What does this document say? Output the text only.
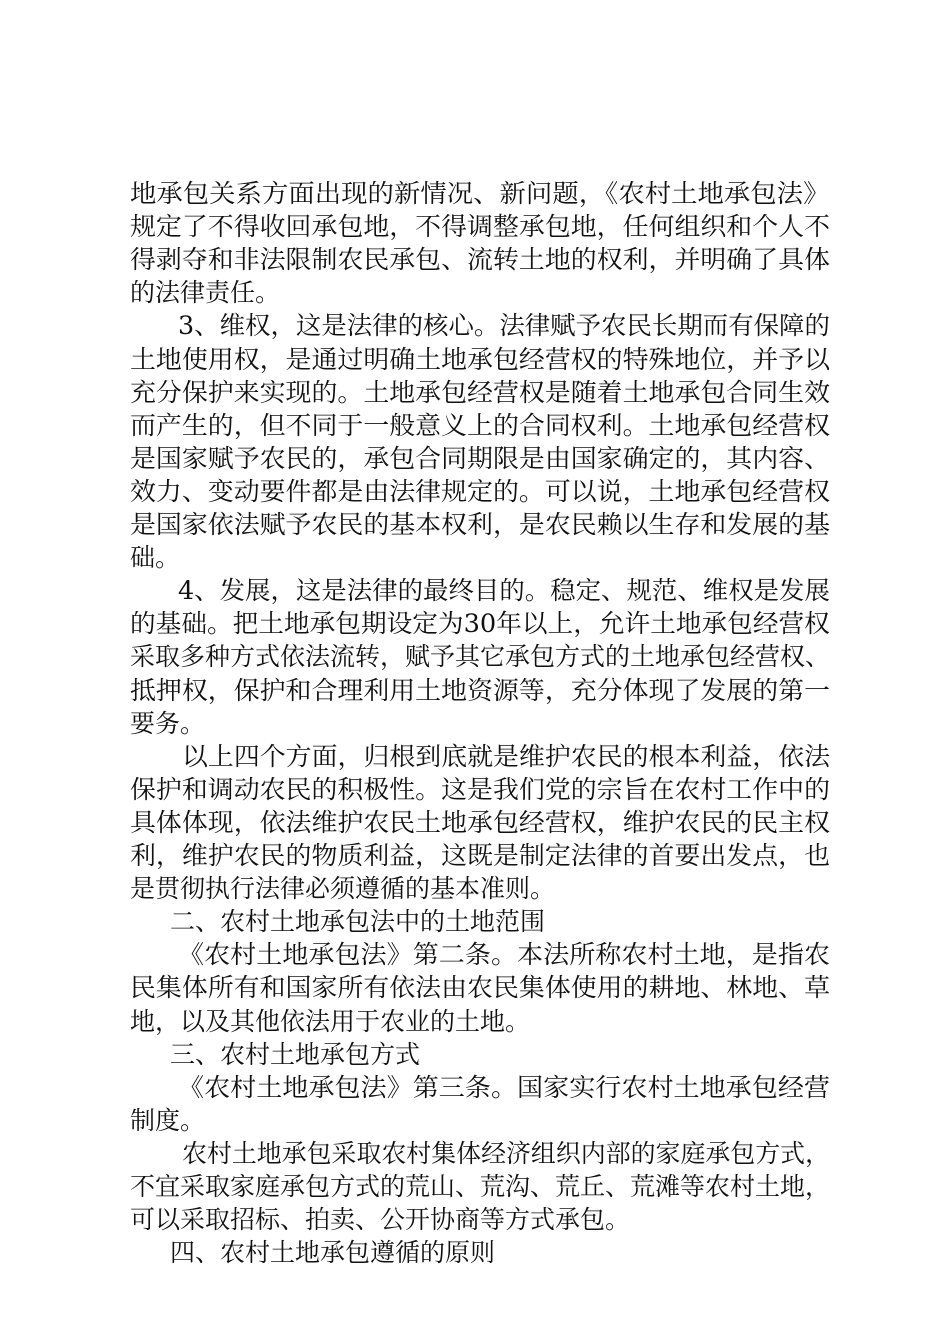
地承包关系方面出现的新情况、新问题，《农村土地承包法》
规定了不得收回承包地，不得调整承包地，任何组织和个人不
得剥夺和非法限制农民承包、流转土地的权利，并明确了具体
的法律责任。
3、维权，这是法律的核心。法律赋予农民长期而有保障的
土地使用权，是通过明确土地承包经营权的特殊地位，并予以
充分保护来实现的。土地承包经营权是随着土地承包合同生效
而产生的，但不同于一般意义上的合同权利。土地承包经营权
是国家赋予农民的，承包合同期限是由国家确定的，其内容、
效力、变动要件都是由法律规定的。可以说，土地承包经营权
是国家依法赋予农民的基本权利，是农民赖以生存和发展的基
础。
4、发展，这是法律的最终目的。稳定、规范、维权是发展
的基础。把土地承包期设定为30年以上，允许土地承包经营权
采取多种方式依法流转，赋予其它承包方式的土地承包经营权、
抵押权，保护和合理利用土地资源等，充分体现了发展的第一
要务。
以上四个方面，归根到底就是维护农民的根本利益，依法
保护和调动农民的积极性。这是我们党的宗旨在农村工作中的
具体体现，依法维护农民土地承包经营权，维护农民的民主权
利，维护农民的物质利益，这既是制定法律的首要出发点，也
是贯彻执行法律必须遵循的基本准则。
二、农村土地承包法中的土地范围
《农村土地承包法》第二条。本法所称农村土地，是指农
民集体所有和国家所有依法由农民集体使用的耕地、林地、草
地，以及其他依法用于农业的土地。
三、农村土地承包方式
《农村土地承包法》第三条。国家实行农村土地承包经营
制度。
农村土地承包采取农村集体经济组织内部的家庭承包方式，
不宜采取家庭承包方式的荒山、荒沟、荒丘、荒滩等农村土地，
可以采取招标、拍卖、公开协商等方式承包。
四、农村土地承包遵循的原则
